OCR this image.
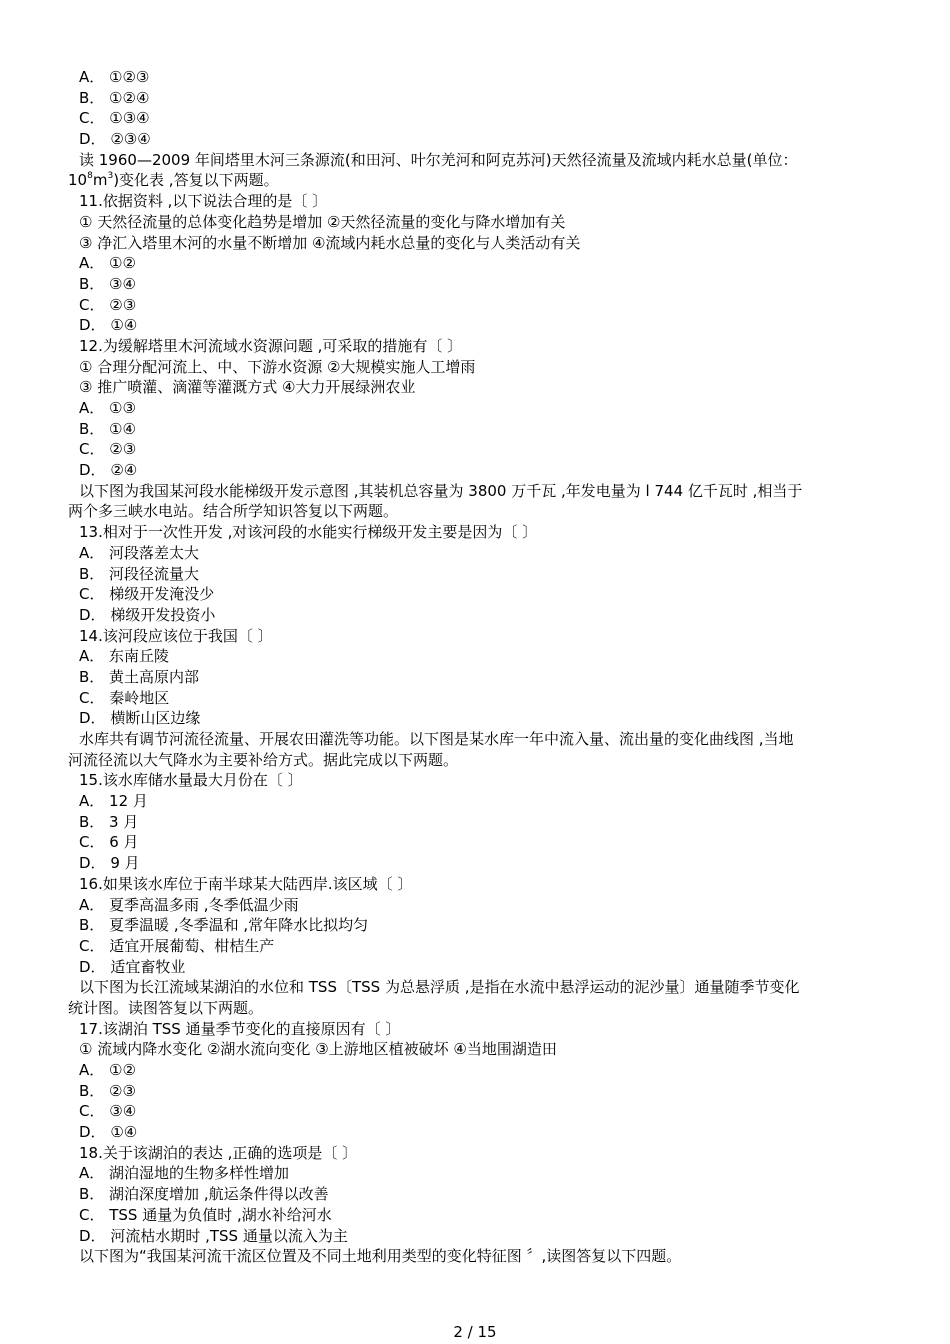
A． ①②③
B． ①②④
C． ①③④
D． ②③④
读 1960—2009 年间塔里木河三条源流(和田河、叶尔羌河和阿克苏河)天然径流量及流域内耗水总量(单位：
$10^8m^3$)变化表 ,答复以下两题。
11.依据资料 ,以下说法合理的是〔 〕
① 天然径流量的总体变化趋势是增加 ②天然径流量的变化与降水增加有关
③ 净汇入塔里木河的水量不断增加 ④流域内耗水总量的变化与人类活动有关
A． ①②
B． ③④
C． ②③
D． ①④
12.为缓解塔里木河流域水资源问题 ,可采取的措施有〔 〕
① 合理分配河流上、中、下游水资源 ②大规模实施人工增雨
③ 推广喷灌、滴灌等灌溉方式 ④大力开展绿洲农业
A． ①③
B． ①④
C． ②③
D． ②④
以下图为我国某河段水能梯级开发示意图 ,其装机总容量为 3800 万千瓦 ,年发电量为 l 744 亿千瓦时 ,相当于
两个多三峡水电站。结合所学知识答复以下两题。
13.相对于一次性开发 ,对该河段的水能实行梯级开发主要是因为〔 〕
A． 河段落差太大
B． 河段径流量大
C． 梯级开发淹没少
D． 梯级开发投资小
14.该河段应该位于我国〔 〕
A． 东南丘陵
B． 黄土高原内部
C． 秦岭地区
D． 横断山区边缘
水库共有调节河流径流量、开展农田灌洗等功能。以下图是某水库一年中流入量、流出量的变化曲线图 ,当地
河流径流以大气降水为主要补给方式。据此完成以下两题。
15.该水库储水量最大月份在〔 〕
A． 12 月
B． 3 月
C． 6 月
D． 9 月
16.如果该水库位于南半球某大陆西岸.该区域〔 〕
A． 夏季高温多雨 ,冬季低温少雨
B． 夏季温暖 ,冬季温和 ,常年降水比拟均匀
C． 适宜开展葡萄、柑桔生产
D． 适宜畜牧业
以下图为长江流域某湖泊的水位和 TSS〔TSS 为总悬浮质 ,是指在水流中悬浮运动的泥沙量〕通量随季节变化
统计图。读图答复以下两题。
17.该湖泊 TSS 通量季节变化的直接原因有〔 〕
① 流域内降水变化 ②湖水流向变化 ③上游地区植被破坏 ④当地围湖造田
A． ①②
B． ②③
C． ③④
D． ①④
18.关于该湖泊的表达 ,正确的选项是〔 〕
A． 湖泊湿地的生物多样性增加
B． 湖泊深度增加 ,航运条件得以改善
C． TSS 通量为负值时 ,湖水补给河水
D． 河流枯水期时 ,TSS 通量以流入为主
以下图为“我国某河流干流区位置及不同土地利用类型的变化特征图 〞,读图答复以下四题。
2 / 15
